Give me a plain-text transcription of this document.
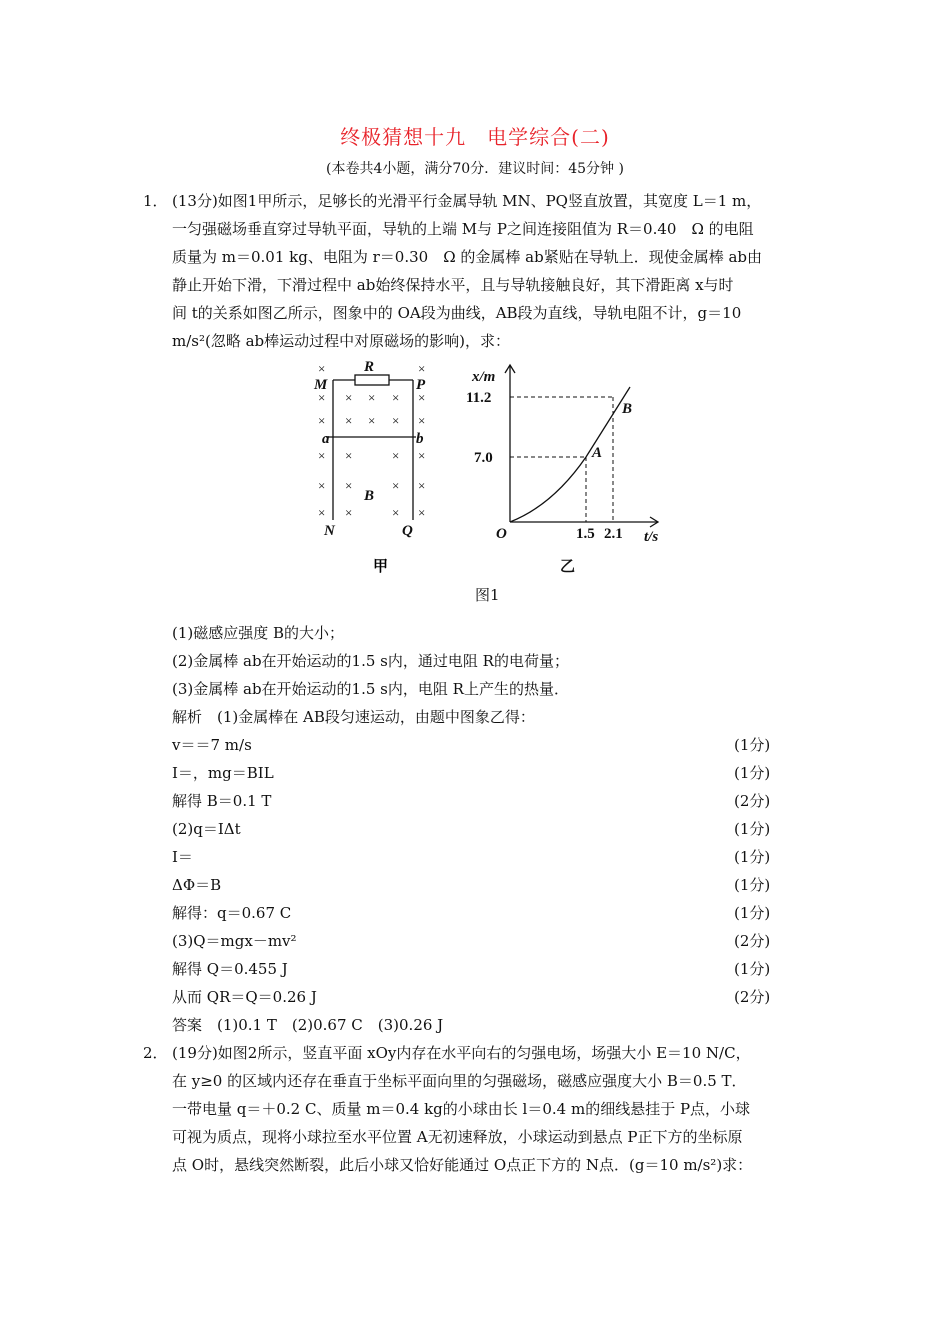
终极猜想十九　电学综合(二)
(本卷共4小题，满分70分．建议时间：45分钟 )
1． (13分)如图1甲所示，足够长的光滑平行金属导轨 MN、PQ竖直放置，其宽度 L＝1 m，
一匀强磁场垂直穿过导轨平面，导轨的上端 M与 P之间连接阻值为 R＝0.40　Ω 的电阻
质量为 m＝0.01 kg、电阻为 r＝0.30　Ω 的金属棒 ab紧贴在导轨上．现使金属棒 ab由
静止开始下滑，下滑过程中 ab始终保持水平，且与导轨接触良好，其下滑距离 x与时
间 t的关系如图乙所示，图象中的 OA段为曲线，AB段为直线，导轨电阻不计，g＝10
m/s²(忽略 ab棒运动过程中对原磁场的影响)，求：
×	×
× × × × ×
× × × × ×
× ×	× ×
× ×	× ×
× ×	× ×
R
M	P
a	b
B
N	Q
甲
x/m
11.2
7.0
O	1.5 2.1 t/s
A
B
乙
图1
(1)磁感应强度 B的大小；
(2)金属棒 ab在开始运动的1.5 s内，通过电阻 R的电荷量；
(3)金属棒 ab在开始运动的1.5 s内，电阻 R上产生的热量．
解析　(1)金属棒在 AB段匀速运动，由题中图象乙得：
v＝＝7 m/s	(1分)
I＝，mg＝BIL	(1分)
解得 B＝0.1 T	(2分)
(2)q＝IΔt	(1分)
I＝	(1分)
ΔΦ＝B	(1分)
解得：q＝0.67 C	(1分)
(3)Q＝mgx－mv²	(2分)
解得 Q＝0.455 J	(1分)
从而 QR＝Q＝0.26 J	(2分)
答案　(1)0.1 T　(2)0.67 C　(3)0.26 J
2． (19分)如图2所示，竖直平面 xOy内存在水平向右的匀强电场，场强大小 E＝10 N/C，
在 y≥0 的区域内还存在垂直于坐标平面向里的匀强磁场，磁感应强度大小 B＝0.5 T．
一带电量 q＝＋0.2 C、质量 m＝0.4 kg的小球由长 l＝0.4 m的细线悬挂于 P点，小球
可视为质点，现将小球拉至水平位置 A无初速释放，小球运动到悬点 P正下方的坐标原
点 O时，悬线突然断裂，此后小球又恰好能通过 O点正下方的 N点．(g＝10 m/s²)求：
